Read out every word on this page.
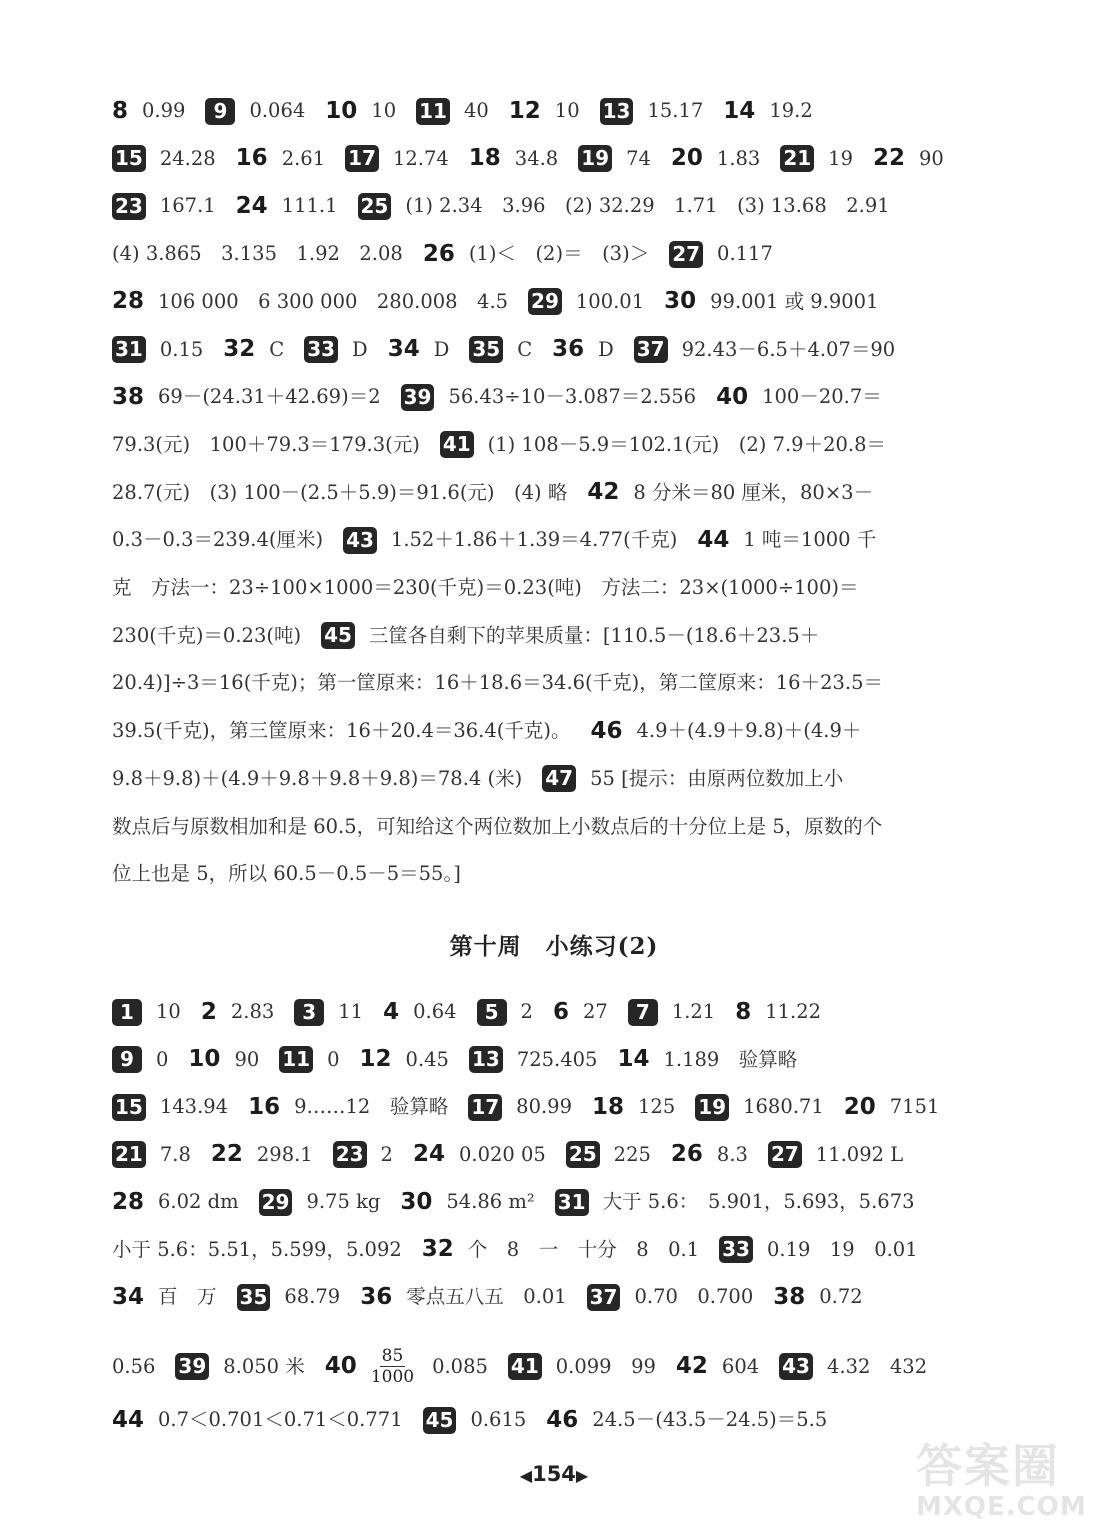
8 0.99	9	0.064 10 10 11 40 12 10 13 15.17 14 19.2
15 24.28 16 2.61 17 12.74 18 34.8 19 74 20 1.83 21 19 22 90
23 167.1 24 111.1 25 (1) 2.34　3.96　(2) 32.29　1.71　(3) 13.68　2.91
(4) 3.865　3.135　1.92　2.08 26 (1)＜　(2)＝　(3)＞ 27 0.117
28 106 000　6 300 000　280.008　4.5 29 100.01 30 99.001 或 9.9001
31 0.15 32 C 33 D 34 D 35 C 36 D 37 92.43－6.5＋4.07＝90
38 69－(24.31＋42.69)＝2 39 56.43÷10－3.087＝2.556 40 100－20.7＝
79.3(元)　100＋79.3＝179.3(元) 41 (1) 108－5.9＝102.1(元)　(2) 7.9＋20.8＝
28.7(元)　(3) 100－(2.5＋5.9)＝91.6(元)　(4) 略 42 8 分米＝80 厘米，80×3－
0.3－0.3＝239.4(厘米) 43 1.52＋1.86＋1.39＝4.77(千克) 44 1 吨＝1000 千
克　方法一：23÷100×1000＝230(千克)＝0.23(吨)　方法二：23×(1000÷100)＝
230(千克)＝0.23(吨) 45 三筐各自剩下的苹果质量：[110.5－(18.6＋23.5＋
20.4)]÷3＝16(千克)；第一筐原来：16＋18.6＝34.6(千克)，第二筐原来：16＋23.5＝
39.5(千克)，第三筐原来：16＋20.4＝36.4(千克)。 46 4.9＋(4.9＋9.8)＋(4.9＋
9.8＋9.8)＋(4.9＋9.8＋9.8＋9.8)＝78.4 (米) 47 55 [提示：由原两位数加上小
数点后与原数相加和是 60.5，可知给这个两位数加上小数点后的十分位上是 5，原数的个
位上也是 5，所以 60.5－0.5－5＝55。]
第十周　小练习(2)
1	10 2 2.83	3	11 4 0.64	5	2 6 27	7	1.21 8 11.22
9	0 10 90 11 0 12 0.45 13 725.405 14 1.189　验算略
15 143.94 16 9……12　验算略 17 80.99 18 125 19 1680.71 20 7151
21 7.8 22 298.1 23 2 24 0.020 05 25 225 26 8.3 27 11.092 L
28 6.02 dm 29 9.75 kg 30 54.86 m² 31 大于 5.6：　5.901，5.693，5.673
小于 5.6：5.51，5.599，5.092 32 个　8　一　十分　8　0.1 33 0.19　19　0.01
34 百　万 35 68.79 36 零点五八五　0.01 37 0.70　0.700 38 0.72
0.56 39 8.050 米 $40 \frac{85}{1000} 0.085$ 41 0.099　99 42 604 43 4.32　432
44 0.7＜0.701＜0.71＜0.771 45 0.615 46 24.5－(43.5－24.5)＝5.5
◀154▶	答案圈
MXQE.COM
